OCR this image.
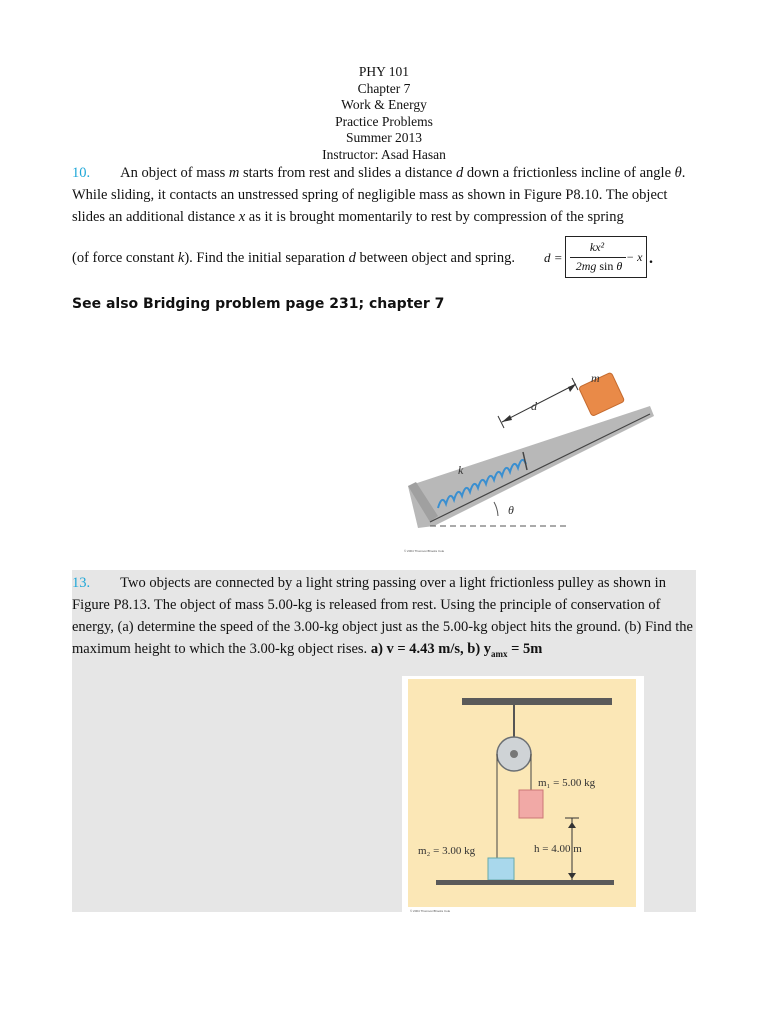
PHY 101
Chapter 7
Work & Energy
Practice Problems
Summer 2013
Instructor: Asad Hasan
10. An object of mass m starts from rest and slides a distance d down a frictionless incline of angle θ. While sliding, it contacts an unstressed spring of negligible mass as shown in Figure P8.10. The object slides an additional distance x as it is brought momentarily to rest by compression of the spring
(of force constant k). Find the initial separation d between object and spring. d =
kx²
2mg sin θ
− x .
See also Bridging problem page 231; chapter 7
d
m
k
θ
© 2004 Thomson/Brooks Cole
13. Two objects are connected by a light string passing over a light frictionless pulley as shown in Figure P8.13. The object of mass 5.00-kg is released from rest. Using the principle of conservation of energy, (a) determine the speed of the 3.00-kg object just as the 5.00-kg object hits the ground. (b) Find the maximum height to which the 3.00-kg object rises. a) v = 4.43 m/s, b) $y_{amx} = 5m$
m₁ = 5.00 kg
h = 4.00 m
m₂ = 3.00 kg
© 2004 Thomson/Brooks Cole
